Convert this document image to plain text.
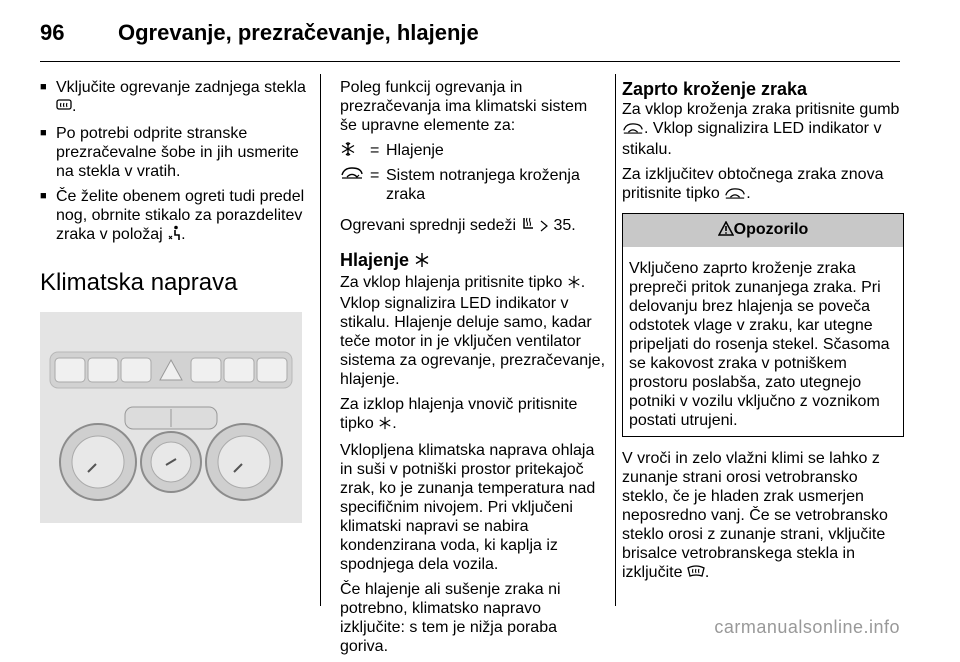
96	Ogrevanje, prezračevanje, hlajenje
■ Vključite ogrevanje zadnjega stekla
.
■ Po potrebi odprite stranske prezračevalne šobe in jih usmerite na stekla v vratih.
■ Če želite obenem ogreti tudi predel nog, obrnite stikalo za porazdelitev zraka v položaj .
Klimatska naprava

Poleg funkcij ogrevanja in prezračevanja ima klimatski sistem še upravne elemente za:

= Hlajenje
= Sistem notranjega kroženja zraka

Ogrevani sprednji sedeži 35.

Hlajenje

Za vklop hlajenja pritisnite tipko . Vklop signalizira LED indikator v stikalu. Hlajenje deluje samo, kadar teče motor in je vključen ventilator sistema za ogrevanje, prezračevanje, hlajenje.

Za izklop hlajenja vnovič pritisnite tipko .

Vklopljena klimatska naprava ohlaja in suši v potniški prostor pritekajoč zrak, ko je zunanja temperatura nad specifičnim nivojem. Pri vključeni klimatski napravi se nabira kondenzirana voda, ki kaplja iz spodnjega dela vozila.

Če hlajenje ali sušenje zraka ni potrebno, klimatsko napravo izključite: s tem je nižja poraba goriva.

Zaprto kroženje zraka

Za vklop kroženja zraka pritisnite gumb . Vklop signalizira LED indikator v stikalu.

Za izključitev obtočnega zraka znova pritisnite tipko .

Opozorilo
Vključeno zaprto kroženje zraka prepreči pritok zunanjega zraka. Pri delovanju brez hlajenja se poveča odstotek vlage v zraku, kar utegne pripeljati do rosenja stekel. Sčasoma se kakovost zraka v potniškem prostoru poslabša, zato utegnejo potniki v vozilu vključno z voznikom postati utrujeni.

V vroči in zelo vlažni klimi se lahko z zunanje strani orosi vetrobransko steklo, če je hladen zrak usmerjen neposredno vanj. Če se vetrobransko steklo orosi z zunanje strani, vključite brisalce vetrobranskega stekla in izključite .

carmanualsonline.info
